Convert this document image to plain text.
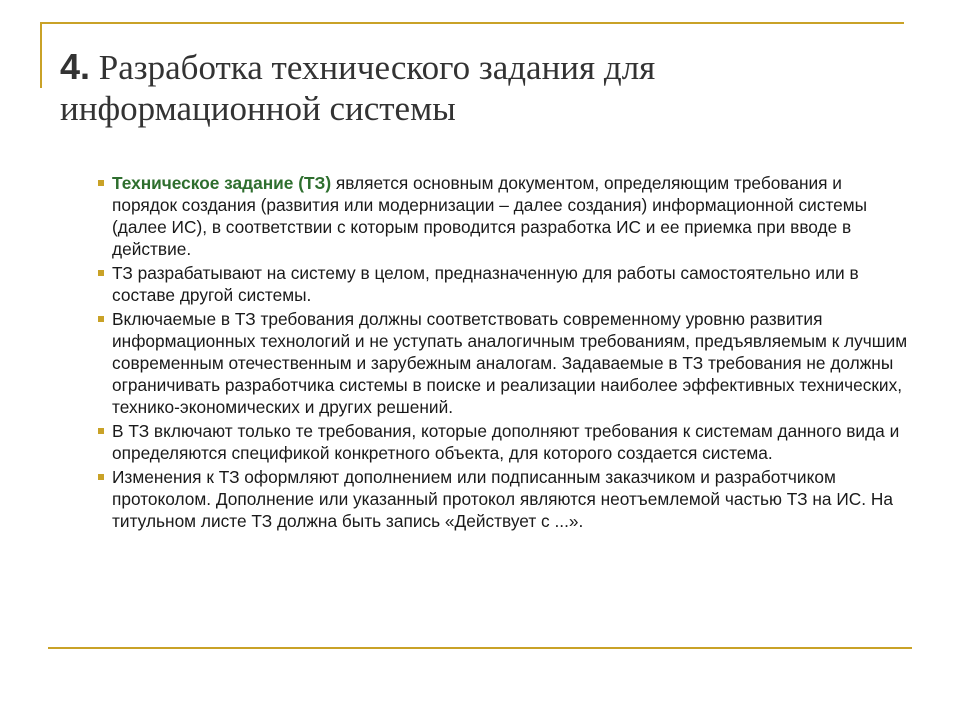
4. Разработка технического задания для информационной системы
Техническое задание (ТЗ) является основным документом, определяющим требования и порядок создания (развития или модернизации – далее создания) информационной системы (далее ИС), в соответствии с которым проводится разработка ИС и ее приемка при вводе в действие.
ТЗ разрабатывают на систему в целом, предназначенную для работы самостоятельно или в составе другой системы.
Включаемые в ТЗ требования должны соответствовать современному уровню развития информационных технологий и не уступать аналогичным требованиям, предъявляемым к лучшим современным отечественным и зарубежным аналогам. Задаваемые в ТЗ требования не должны ограничивать разработчика системы в поиске и реализации наиболее эффективных технических, технико-экономических и других решений.
В ТЗ включают только те требования, которые дополняют требования к системам данного вида и определяются спецификой конкретного объекта, для которого создается система.
Изменения к ТЗ оформляют дополнением или подписанным заказчиком и разработчиком протоколом. Дополнение или указанный протокол являются неотъемлемой частью ТЗ на ИС. На титульном листе ТЗ должна быть запись «Действует с ...».
